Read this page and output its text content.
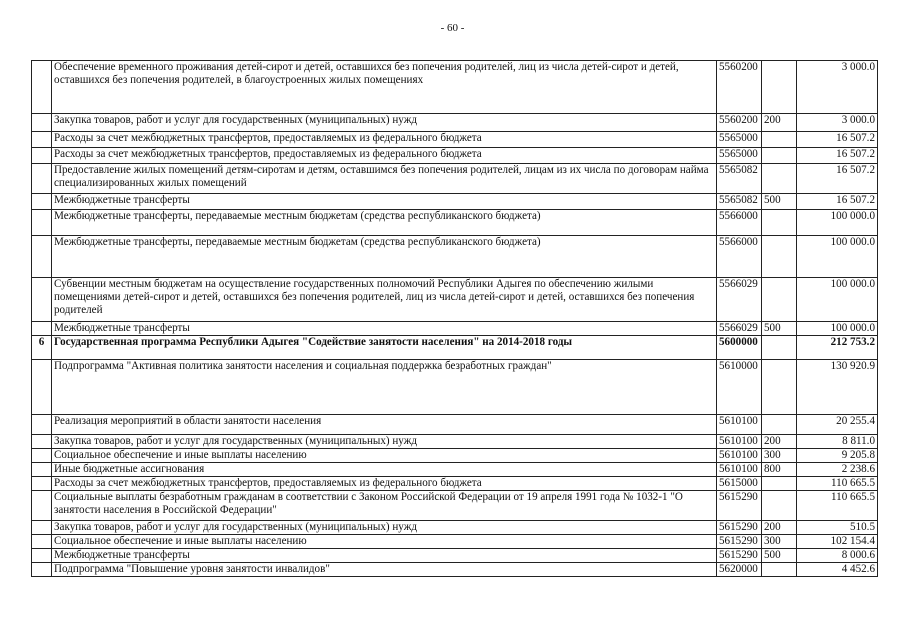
- 60 -
	Обеспечение временного проживания детей-сирот и детей, оставшихся без попечения родителей, лиц из числа детей-сирот и детей, оставшихся без попечения родителей, в благоустроенных жилых помещениях	5560200		3 000.0
	Закупка товаров, работ и услуг для государственных (муниципальных) нужд	5560200	200	3 000.0
	Расходы за счет межбюджетных трансфертов, предоставляемых из федерального бюджета	5565000		16 507.2
	Расходы за счет межбюджетных трансфертов, предоставляемых из федерального бюджета	5565000		16 507.2
	Предоставление жилых помещений детям-сиротам и детям, оставшимся без попечения родителей, лицам из их числа по договорам найма специализированных жилых помещений	5565082		16 507.2
	Межбюджетные трансферты	5565082	500	16 507.2
	Межбюджетные трансферты, передаваемые местным бюджетам (средства республиканского бюджета)	5566000		100 000.0
	Межбюджетные трансферты, передаваемые местным бюджетам (средства республиканского бюджета)	5566000		100 000.0
	Субвенции местным бюджетам на осуществление государственных полномочий Республики Адыгея по обеспечению жилыми помещениями детей-сирот и детей, оставшихся без попечения родителей, лиц из числа детей-сирот и детей, оставшихся без попечения родителей	5566029		100 000.0
	Межбюджетные трансферты	5566029	500	100 000.0
6	Государственная программа Республики Адыгея "Содействие занятости населения" на 2014-2018 годы	5600000		212 753.2
	Подпрограмма "Активная политика занятости населения и социальная поддержка безработных граждан"	5610000		130 920.9
	Реализация мероприятий в области занятости населения	5610100		20 255.4
	Закупка товаров, работ и услуг для государственных (муниципальных) нужд	5610100	200	8 811.0
	Социальное обеспечение и иные выплаты населению	5610100	300	9 205.8
	Иные бюджетные ассигнования	5610100	800	2 238.6
	Расходы за счет межбюджетных трансфертов, предоставляемых из федерального бюджета	5615000		110 665.5
	Социальные выплаты безработным гражданам в соответствии с Законом Российской Федерации от 19 апреля 1991 года № 1032-1 "О занятости населения в Российской Федерации"	5615290		110 665.5
	Закупка товаров, работ и услуг для государственных (муниципальных) нужд	5615290	200	510.5
	Социальное обеспечение и иные выплаты населению	5615290	300	102 154.4
	Межбюджетные трансферты	5615290	500	8 000.6
	Подпрограмма "Повышение уровня занятости инвалидов"	5620000		4 452.6
